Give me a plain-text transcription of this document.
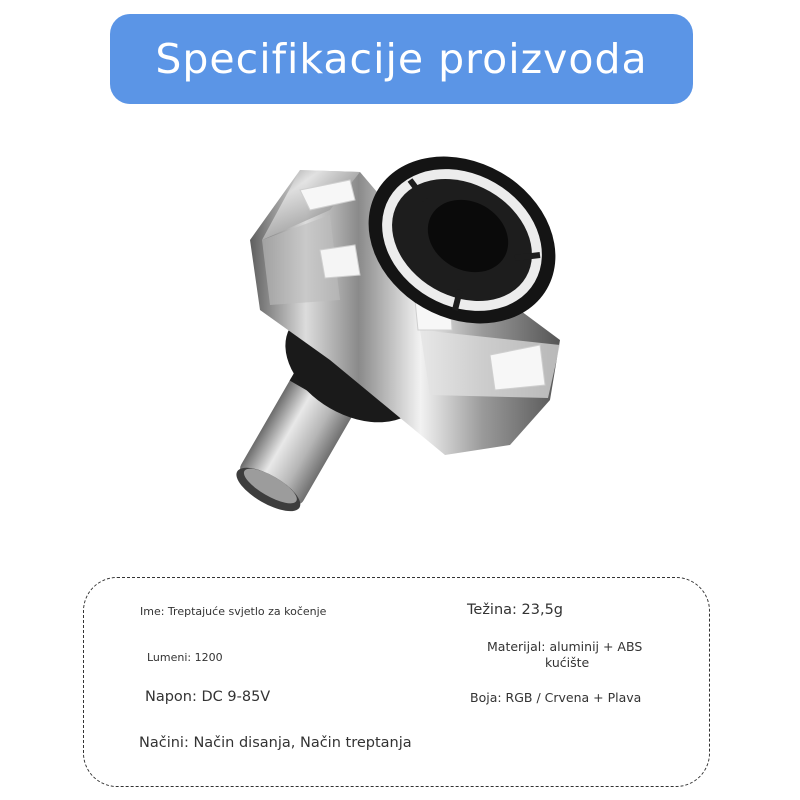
Specifikacije proizvoda
Ime: Treptajuće svjetlo za kočenje	Težina: 23,5g
Lumeni: 1200
Materijal: aluminij + ABS
kućište
Napon: DC 9-85V	Boja: RGB / Crvena + Plava
Načini: Način disanja, Način treptanja
